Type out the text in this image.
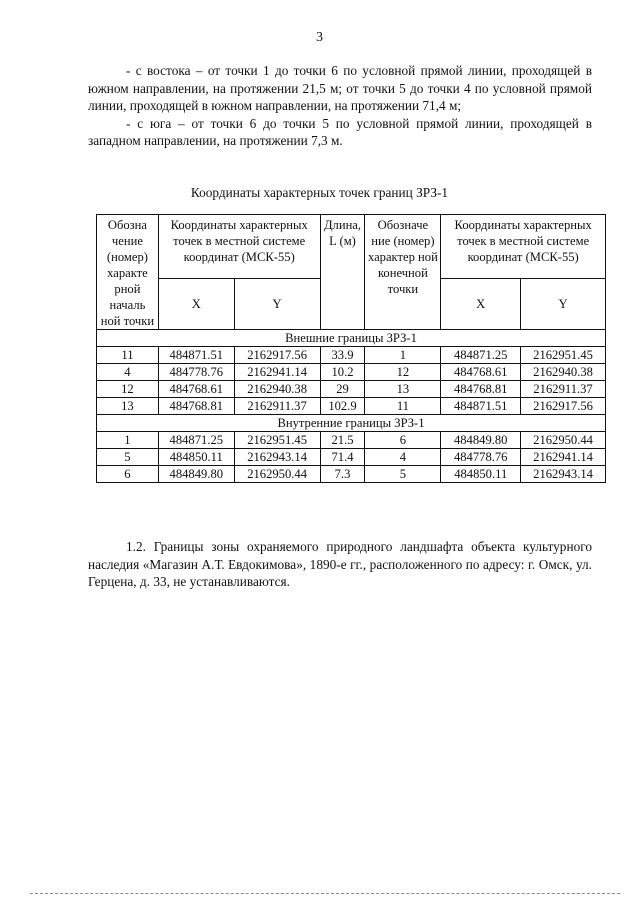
3

- с востока – от точки 1 до точки 6 по условной прямой линии, проходящей в южном направлении, на протяжении 21,5 м; от точки 5 до точки 4 по условной прямой линии, проходящей в южном направлении, на протяжении 71,4 м;

- с юга – от точки 6 до точки 5 по условной прямой линии, проходящей в западном направлении, на протяжении 7,3 м.

Координаты характерных точек границ ЗРЗ-1
Обозна чение (номер) характе рной началь ной точки	Координаты характерных точек в местной системе координат (МСК-55)		Длина, L (м)	Обозначе ние (номер) характер ной конечной точки	Координаты характерных точек в местной системе координат (МСК-55)	
	X	Y			X	Y
Внешние границы ЗРЗ-1						
11	484871.51	2162917.56	33.9	1	484871.25	2162951.45
4	484778.76	2162941.14	10.2	12	484768.61	2162940.38
12	484768.61	2162940.38	29	13	484768.81	2162911.37
13	484768.81	2162911.37	102.9	11	484871.51	2162917.56
Внутренние границы ЗРЗ-1						
1	484871.25	2162951.45	21.5	6	484849.80	2162950.44
5	484850.11	2162943.14	71.4	4	484778.76	2162941.14
6	484849.80	2162950.44	7.3	5	484850.11	2162943.14

1.2. Границы зоны охраняемого природного ландшафта объекта культурного наследия «Магазин А.Т. Евдокимова», 1890-е гг., расположенного по адресу: г. Омск, ул. Герцена, д. 33, не устанавливаются.
